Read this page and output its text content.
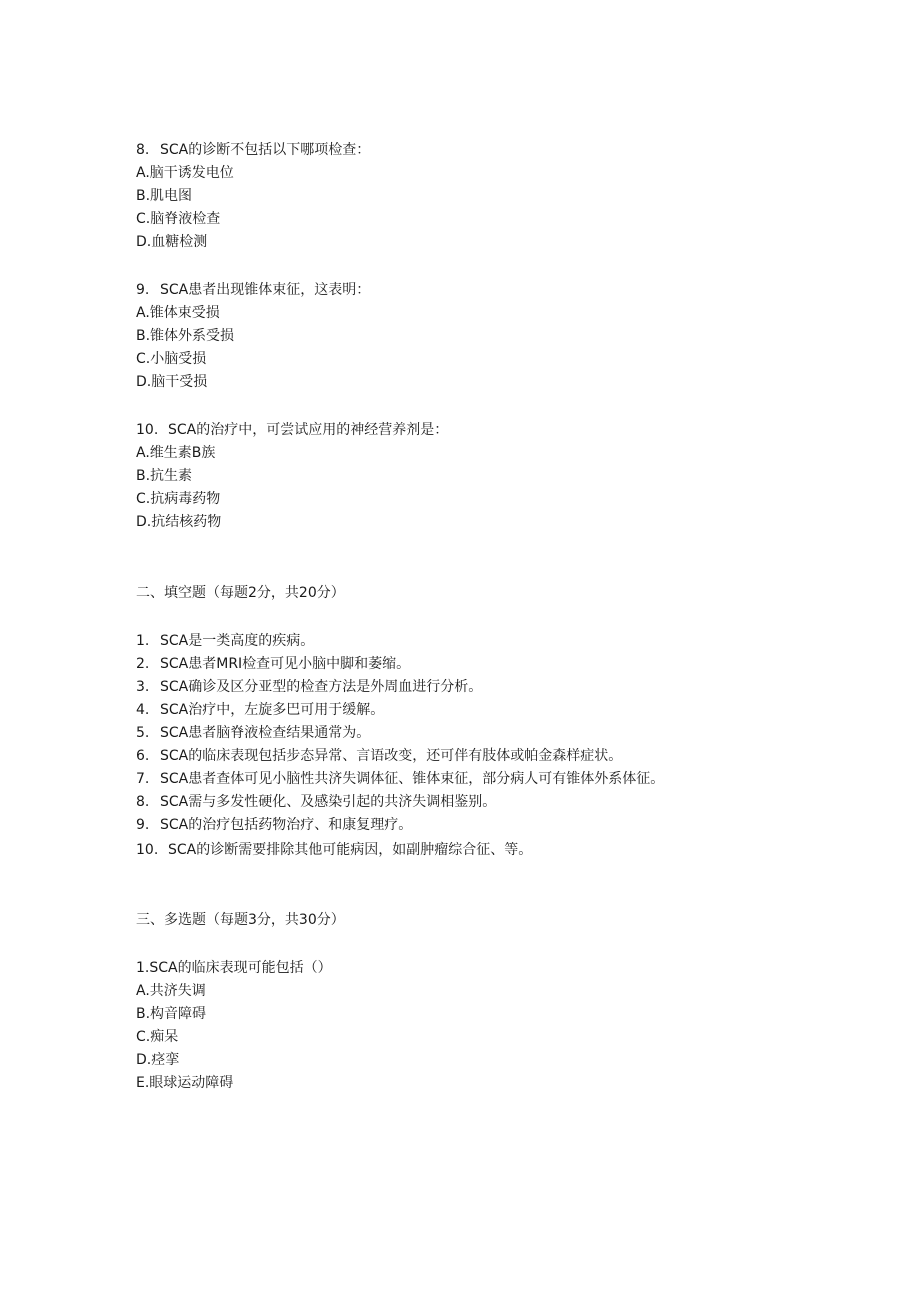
8. SCA的诊断不包括以下哪项检查：
A.脑干诱发电位
B.肌电图
C.脑脊液检查
D.血糖检测
9. SCA患者出现锥体束征，这表明：
A.锥体束受损
B.锥体外系受损
C.小脑受损
D.脑干受损
10. SCA的治疗中，可尝试应用的神经营养剂是：
A.维生素B族
B.抗生素
C.抗病毒药物
D.抗结核药物
二、填空题（每题2分，共20分）
1. SCA是一类高度的疾病。
2. SCA患者MRI检查可见小脑中脚和萎缩。
3. SCA确诊及区分亚型的检查方法是外周血进行分析。
4. SCA治疗中，左旋多巴可用于缓解。
5. SCA患者脑脊液检查结果通常为。
6. SCA的临床表现包括步态异常、言语改变，还可伴有肢体或帕金森样症状。
7. SCA患者查体可见小脑性共济失调体征、锥体束征，部分病人可有锥体外系体征。
8. SCA需与多发性硬化、及感染引起的共济失调相鉴别。
9. SCA的治疗包括药物治疗、和康复理疗。
10. SCA的诊断需要排除其他可能病因，如副肿瘤综合征、等。
三、多选题（每题3分，共30分）
1.SCA的临床表现可能包括（）
A.共济失调
B.构音障碍
C.痴呆
D.痉挛
E.眼球运动障碍
